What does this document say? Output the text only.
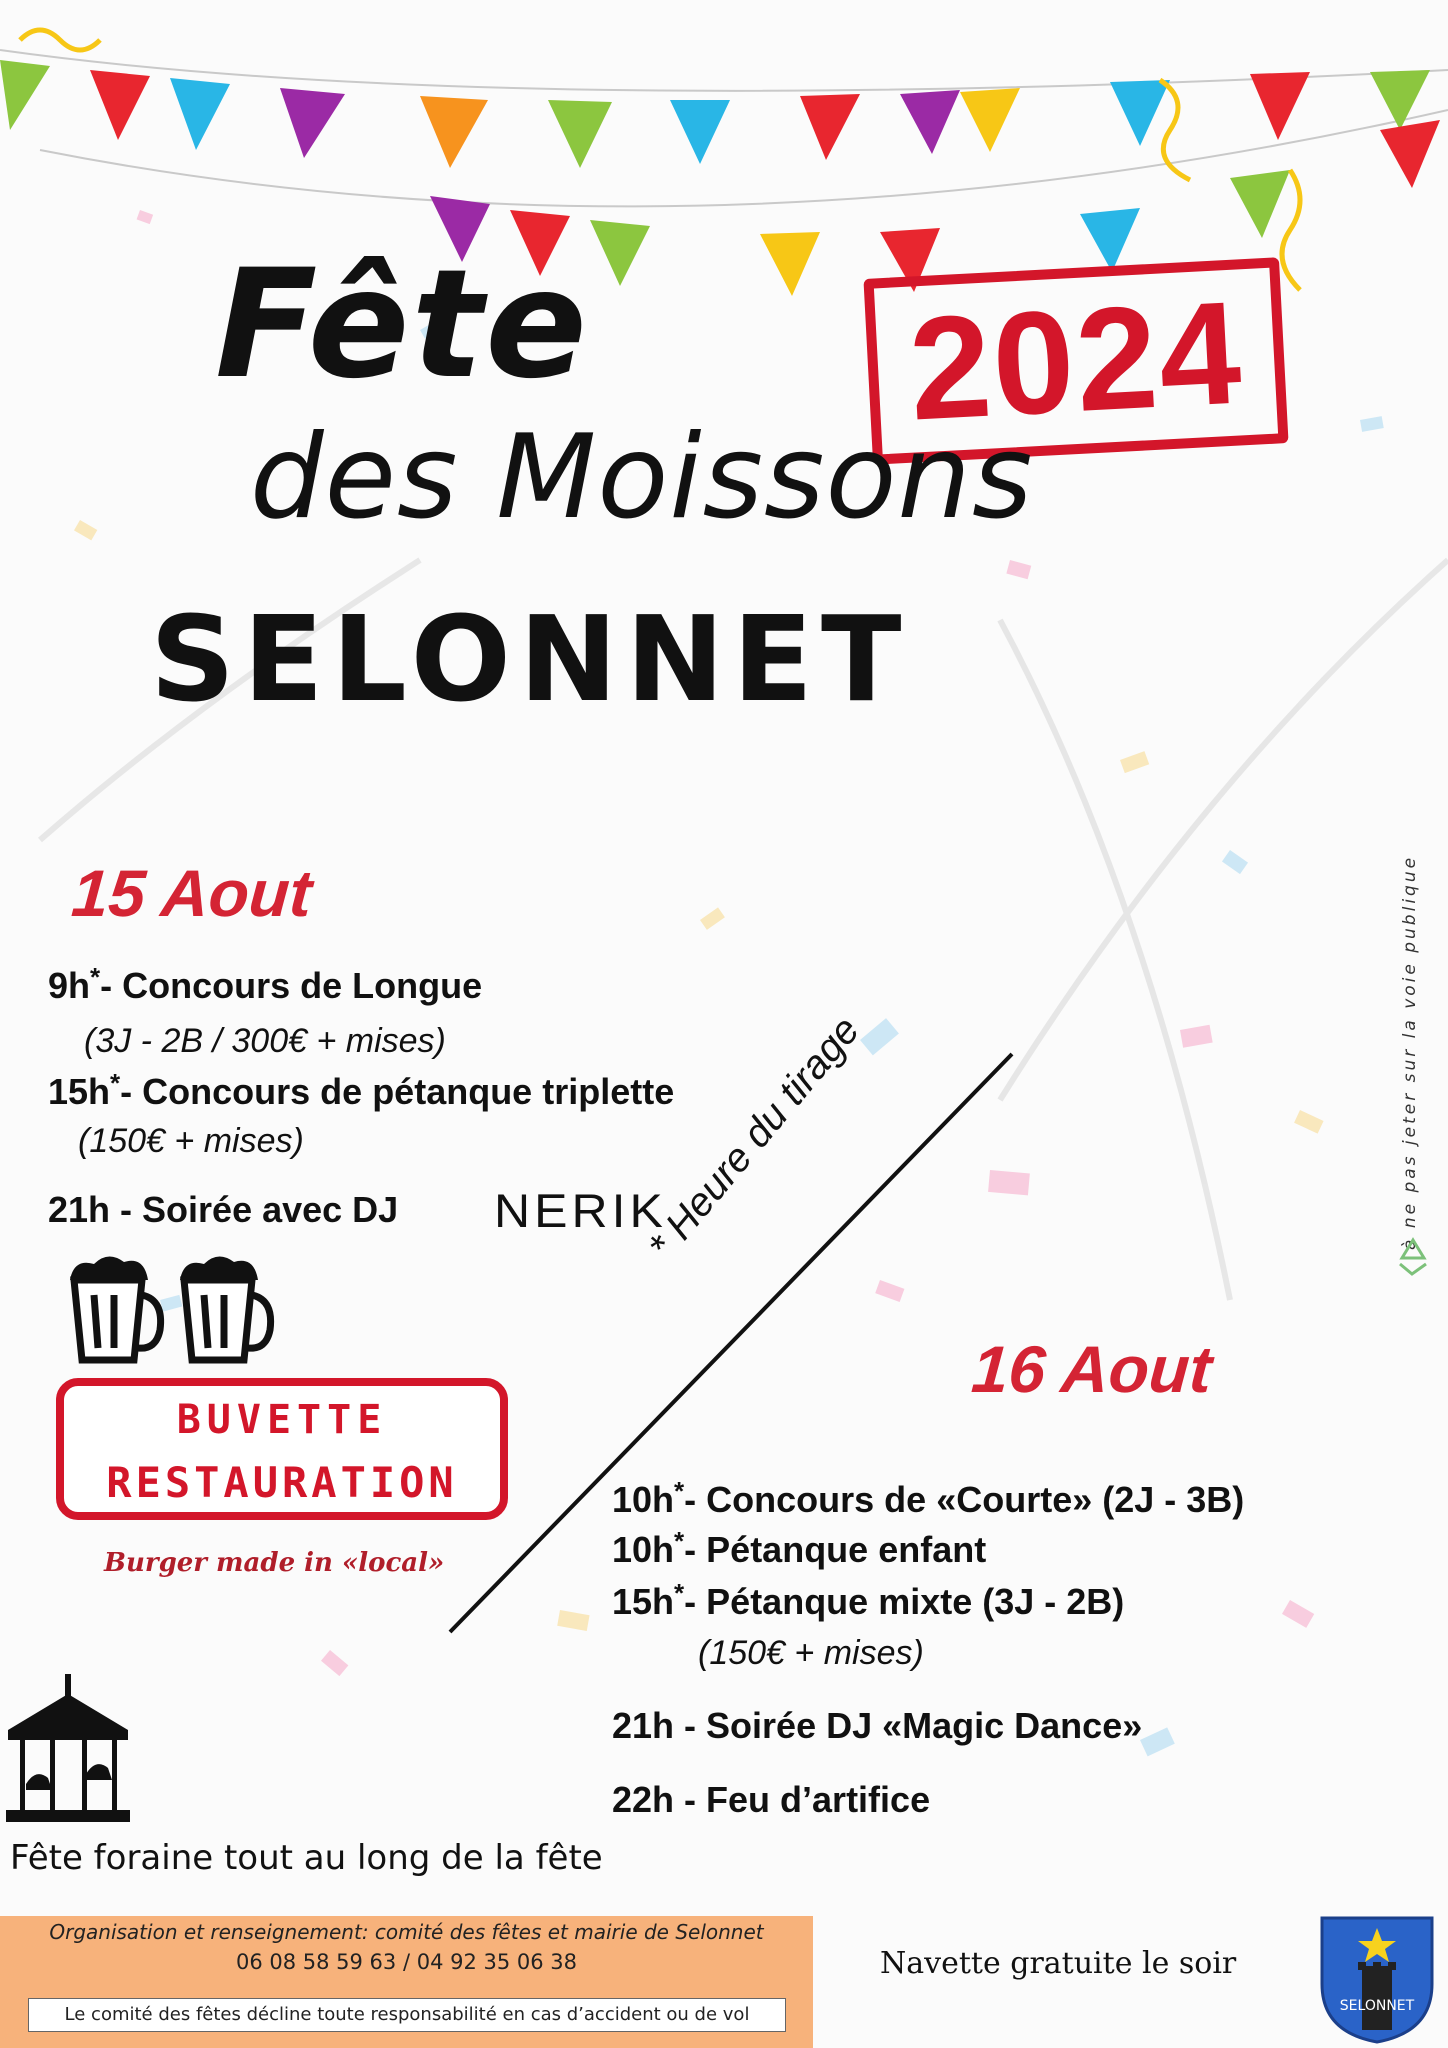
Fête 2024
des Moissons
SELONNET
15 Aout
9h*- Concours de Longue
(3J - 2B / 300€ + mises)
15h*- Concours de pétanque triplette
(150€ + mises)
21h - Soirée avec DJ NERIK
* Heure du tirage
BUVETTE
RESTAURATION
Burger made in «local»
16 Aout
10h*- Concours de «Courte» (2J - 3B)
10h*- Pétanque enfant
15h*- Pétanque mixte (3J - 2B)
(150€ + mises)
21h - Soirée DJ «Magic Dance»
22h - Feu d’artifice
Fête foraine tout au long de la fête
à ne pas jeter sur la voie publique
Organisation et renseignement: comité des fêtes et mairie de Selonnet
06 08 58 59 63 / 04 92 35 06 38
Le comité des fêtes décline toute responsabilité en cas d’accident ou de vol
Navette gratuite le soir
SELONNET
